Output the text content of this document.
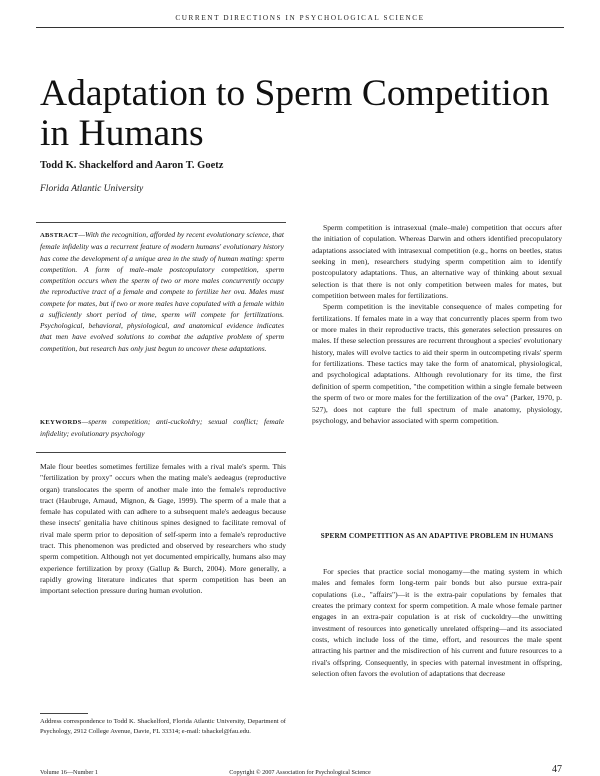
CURRENT DIRECTIONS IN PSYCHOLOGICAL SCIENCE
Adaptation to Sperm Competition in Humans
Todd K. Shackelford and Aaron T. Goetz
Florida Atlantic University

ABSTRACT—With the recognition, afforded by recent evolutionary science, that female infidelity was a recurrent feature of modern humans' evolutionary history has come the development of a unique area in the study of human mating: sperm competition. A form of male–male postcopulatory competition, sperm competition occurs when the sperm of two or more males concurrently occupy the reproductive tract of a female and compete to fertilize her ova. Males must compete for mates, but if two or more males have copulated with a female within a sufficiently short period of time, sperm will compete for fertilizations. Psychological, behavioral, physiological, and anatomical evidence indicates that men have evolved solutions to combat the adaptive problem of sperm competition, but research has only just begun to uncover these adaptations.

KEYWORDS—sperm competition; anti-cuckoldry; sexual conflict; female infidelity; evolutionary psychology

Male flour beetles sometimes fertilize females with a rival male's sperm. This "fertilization by proxy" occurs when the mating male's aedeagus (reproductive organ) translocates the sperm of another male into the female's reproductive tract (Haubruge, Arnaud, Mignon, & Gage, 1999). The sperm of a male that a female has copulated with can adhere to a subsequent male's aedeagus because these insects' genitalia have chitinous spines designed to facilitate removal of rival male sperm prior to deposition of self-sperm into a female's reproductive tract. This phenomenon was predicted and observed by researchers who study sperm competition. Although not yet documented empirically, humans also may experience fertilization by proxy (Gallup & Burch, 2004). More generally, a rapidly growing literature indicates that sperm competition has been an important selection pressure during human evolution.

Sperm competition is intrasexual (male–male) competition that occurs after the initiation of copulation. Whereas Darwin and others identified precopulatory adaptations associated with intrasexual competition (e.g., horns on beetles, status seeking in men), researchers studying sperm competition aim to identify postcopulatory adaptations. Thus, an alternative way of thinking about sexual selection is that there is not only competition between males for mates, but competition between males for fertilizations.

Sperm competition is the inevitable consequence of males competing for fertilizations. If females mate in a way that concurrently places sperm from two or more males in their reproductive tracts, this generates selection pressures on males. If these selection pressures are recurrent throughout a species' evolutionary history, males will evolve tactics to aid their sperm in outcompeting rivals' sperm for fertilizations. These tactics may take the form of anatomical, physiological, and psychological adaptations. Although revolutionary for its time, the first definition of sperm competition, "the competition within a single female between the sperm of two or more males for the fertilization of the ova" (Parker, 1970, p. 527), does not capture the full spectrum of male anatomy, physiology, psychology, and behavior associated with sperm competition.

SPERM COMPETITION AS AN ADAPTIVE PROBLEM IN HUMANS

For species that practice social monogamy—the mating system in which males and females form long-term pair bonds but also pursue extra-pair copulations (i.e., "affairs")—it is the extra-pair copulations by females that creates the primary context for sperm competition. A male whose female partner engages in an extra-pair copulation is at risk of cuckoldry—the unwitting investment of resources into genetically unrelated offspring—and its associated costs, which include loss of the time, effort, and resources the male spent attracting his partner and the misdirection of his current and future resources to a rival's offspring. Consequently, in species with paternal investment in offspring, selection often favors the evolution of adaptations that decrease

Address correspondence to Todd K. Shackelford, Florida Atlantic University, Department of Psychology, 2912 College Avenue, Davie, FL 33314; e-mail: tshackel@fau.edu.

Volume 16—Number 1	Copyright © 2007 Association for Psychological Science	47
